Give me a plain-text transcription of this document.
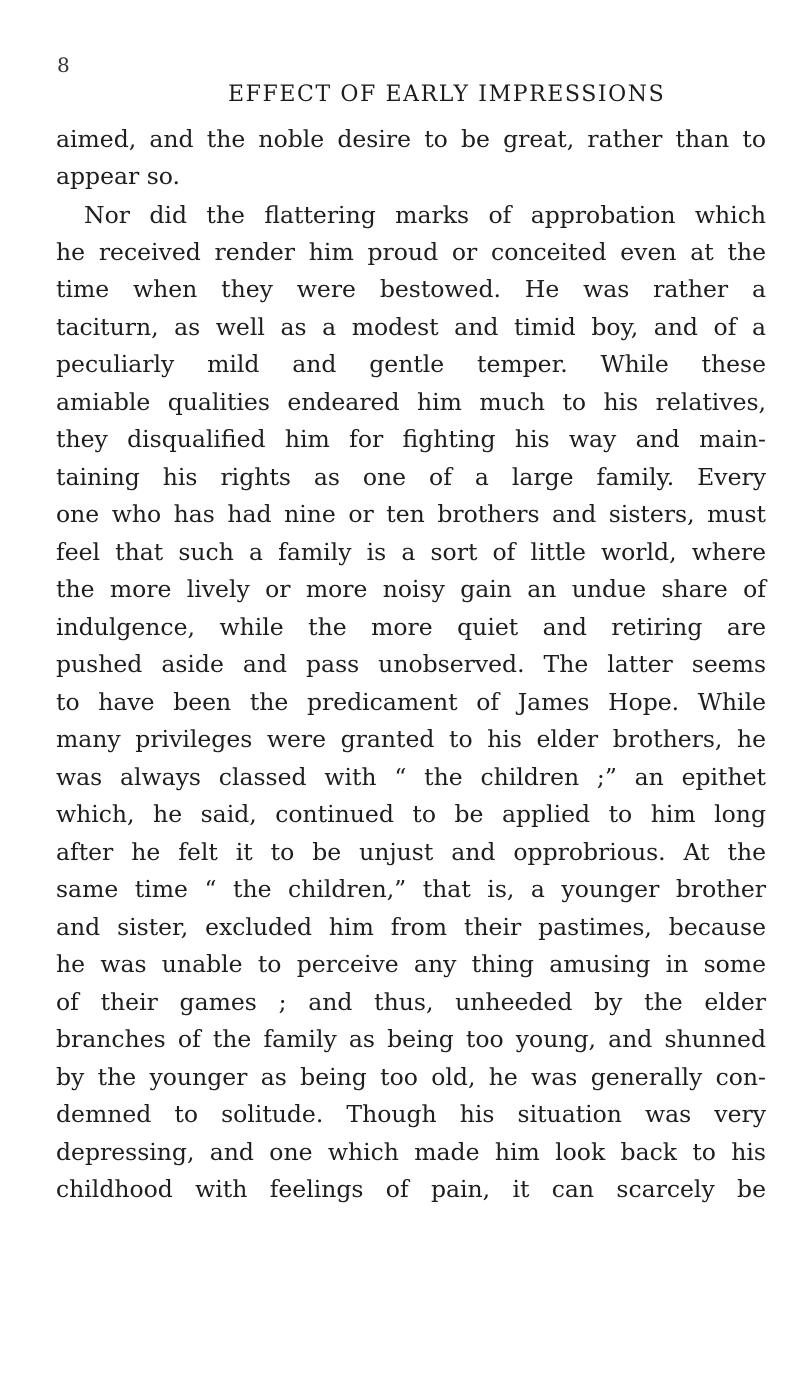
8
EFFECT OF EARLY IMPRESSIONS
aimed, and the noble desire to be great, rather than to
appear so.
Nor did the flattering marks of approbation which
he received render him proud or conceited even at the
time when they were bestowed. He was rather a
taciturn, as well as a modest and timid boy, and of a
peculiarly mild and gentle temper. While these
amiable qualities endeared him much to his relatives,
they disqualified him for fighting his way and main-
taining his rights as one of a large family. Every
one who has had nine or ten brothers and sisters, must
feel that such a family is a sort of little world, where
the more lively or more noisy gain an undue share of
indulgence, while the more quiet and retiring are
pushed aside and pass unobserved. The latter seems
to have been the predicament of James Hope. While
many privileges were granted to his elder brothers, he
was always classed with “ the children ;” an epithet
which, he said, continued to be applied to him long
after he felt it to be unjust and opprobrious. At the
same time “ the children,” that is, a younger brother
and sister, excluded him from their pastimes, because
he was unable to perceive any thing amusing in some
of their games ; and thus, unheeded by the elder
branches of the family as being too young, and shunned
by the younger as being too old, he was generally con-
demned to solitude. Though his situation was very
depressing, and one which made him look back to his
childhood with feelings of pain, it can scarcely be
